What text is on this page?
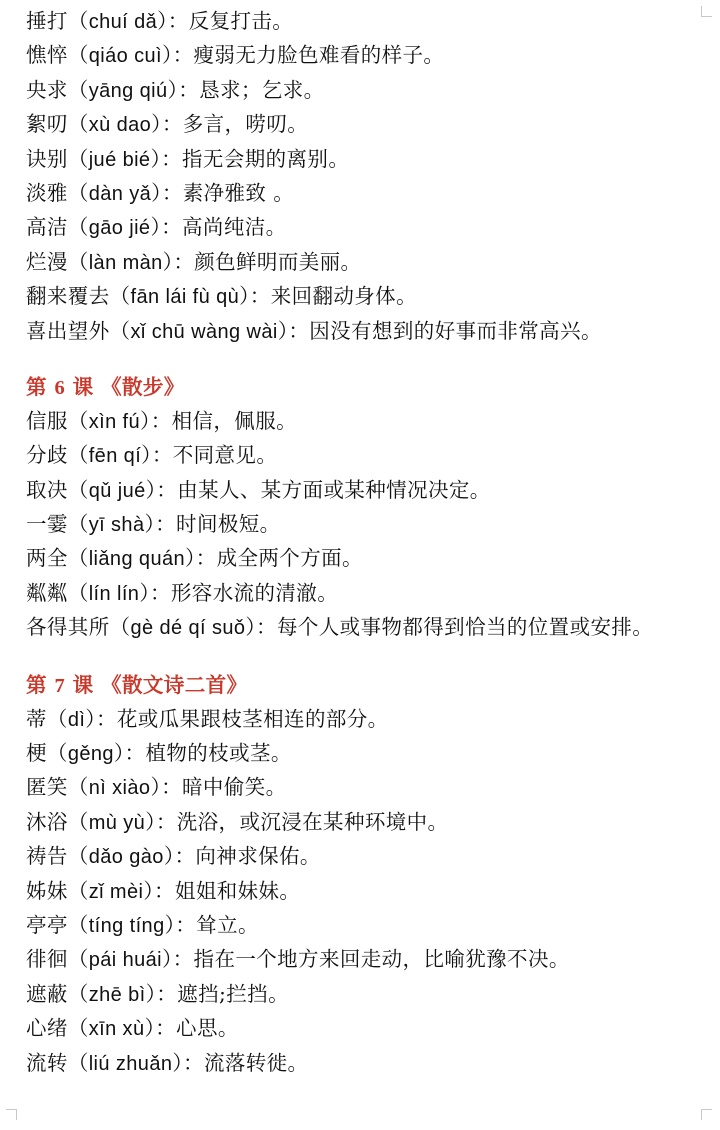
捶打（chuí dǎ）：反复打击。
憔悴（qiáo cuì）：瘦弱无力脸色难看的样子。
央求（yāng qiú）：恳求；乞求。
絮叨（xù dao）：多言，唠叨。
诀别（jué bié）：指无会期的离别。
淡雅（dàn yǎ）：素净雅致 。
高洁（gāo jié）：高尚纯洁。
烂漫（làn màn）：颜色鲜明而美丽。
翻来覆去（fān lái fù qù）：来回翻动身体。
喜出望外（xǐ chū wàng wài）：因没有想到的好事而非常高兴。
第 6 课 《散步》
信服（xìn fú）：相信，佩服。
分歧（fēn qí）：不同意见。
取决（qǔ jué）：由某人、某方面或某种情况决定。
一霎（yī shà）：时间极短。
两全（liǎng quán）：成全两个方面。
粼粼（lín lín）：形容水流的清澈。
各得其所（gè dé qí suǒ）：每个人或事物都得到恰当的位置或安排。
第 7 课 《散文诗二首》
蒂（dì）：花或瓜果跟枝茎相连的部分。
梗（gěng）：植物的枝或茎。
匿笑（nì xiào）：暗中偷笑。
沐浴（mù yù）：洗浴，或沉浸在某种环境中。
祷告（dǎo gào）：向神求保佑。
姊妹（zǐ mèi）：姐姐和妹妹。
亭亭（tíng tíng）：耸立。
徘徊（pái huái）：指在一个地方来回走动，比喻犹豫不决。
遮蔽（zhē bì）：遮挡;拦挡。
心绪（xīn xù）：心思。
流转（liú zhuǎn）：流落转徙。
